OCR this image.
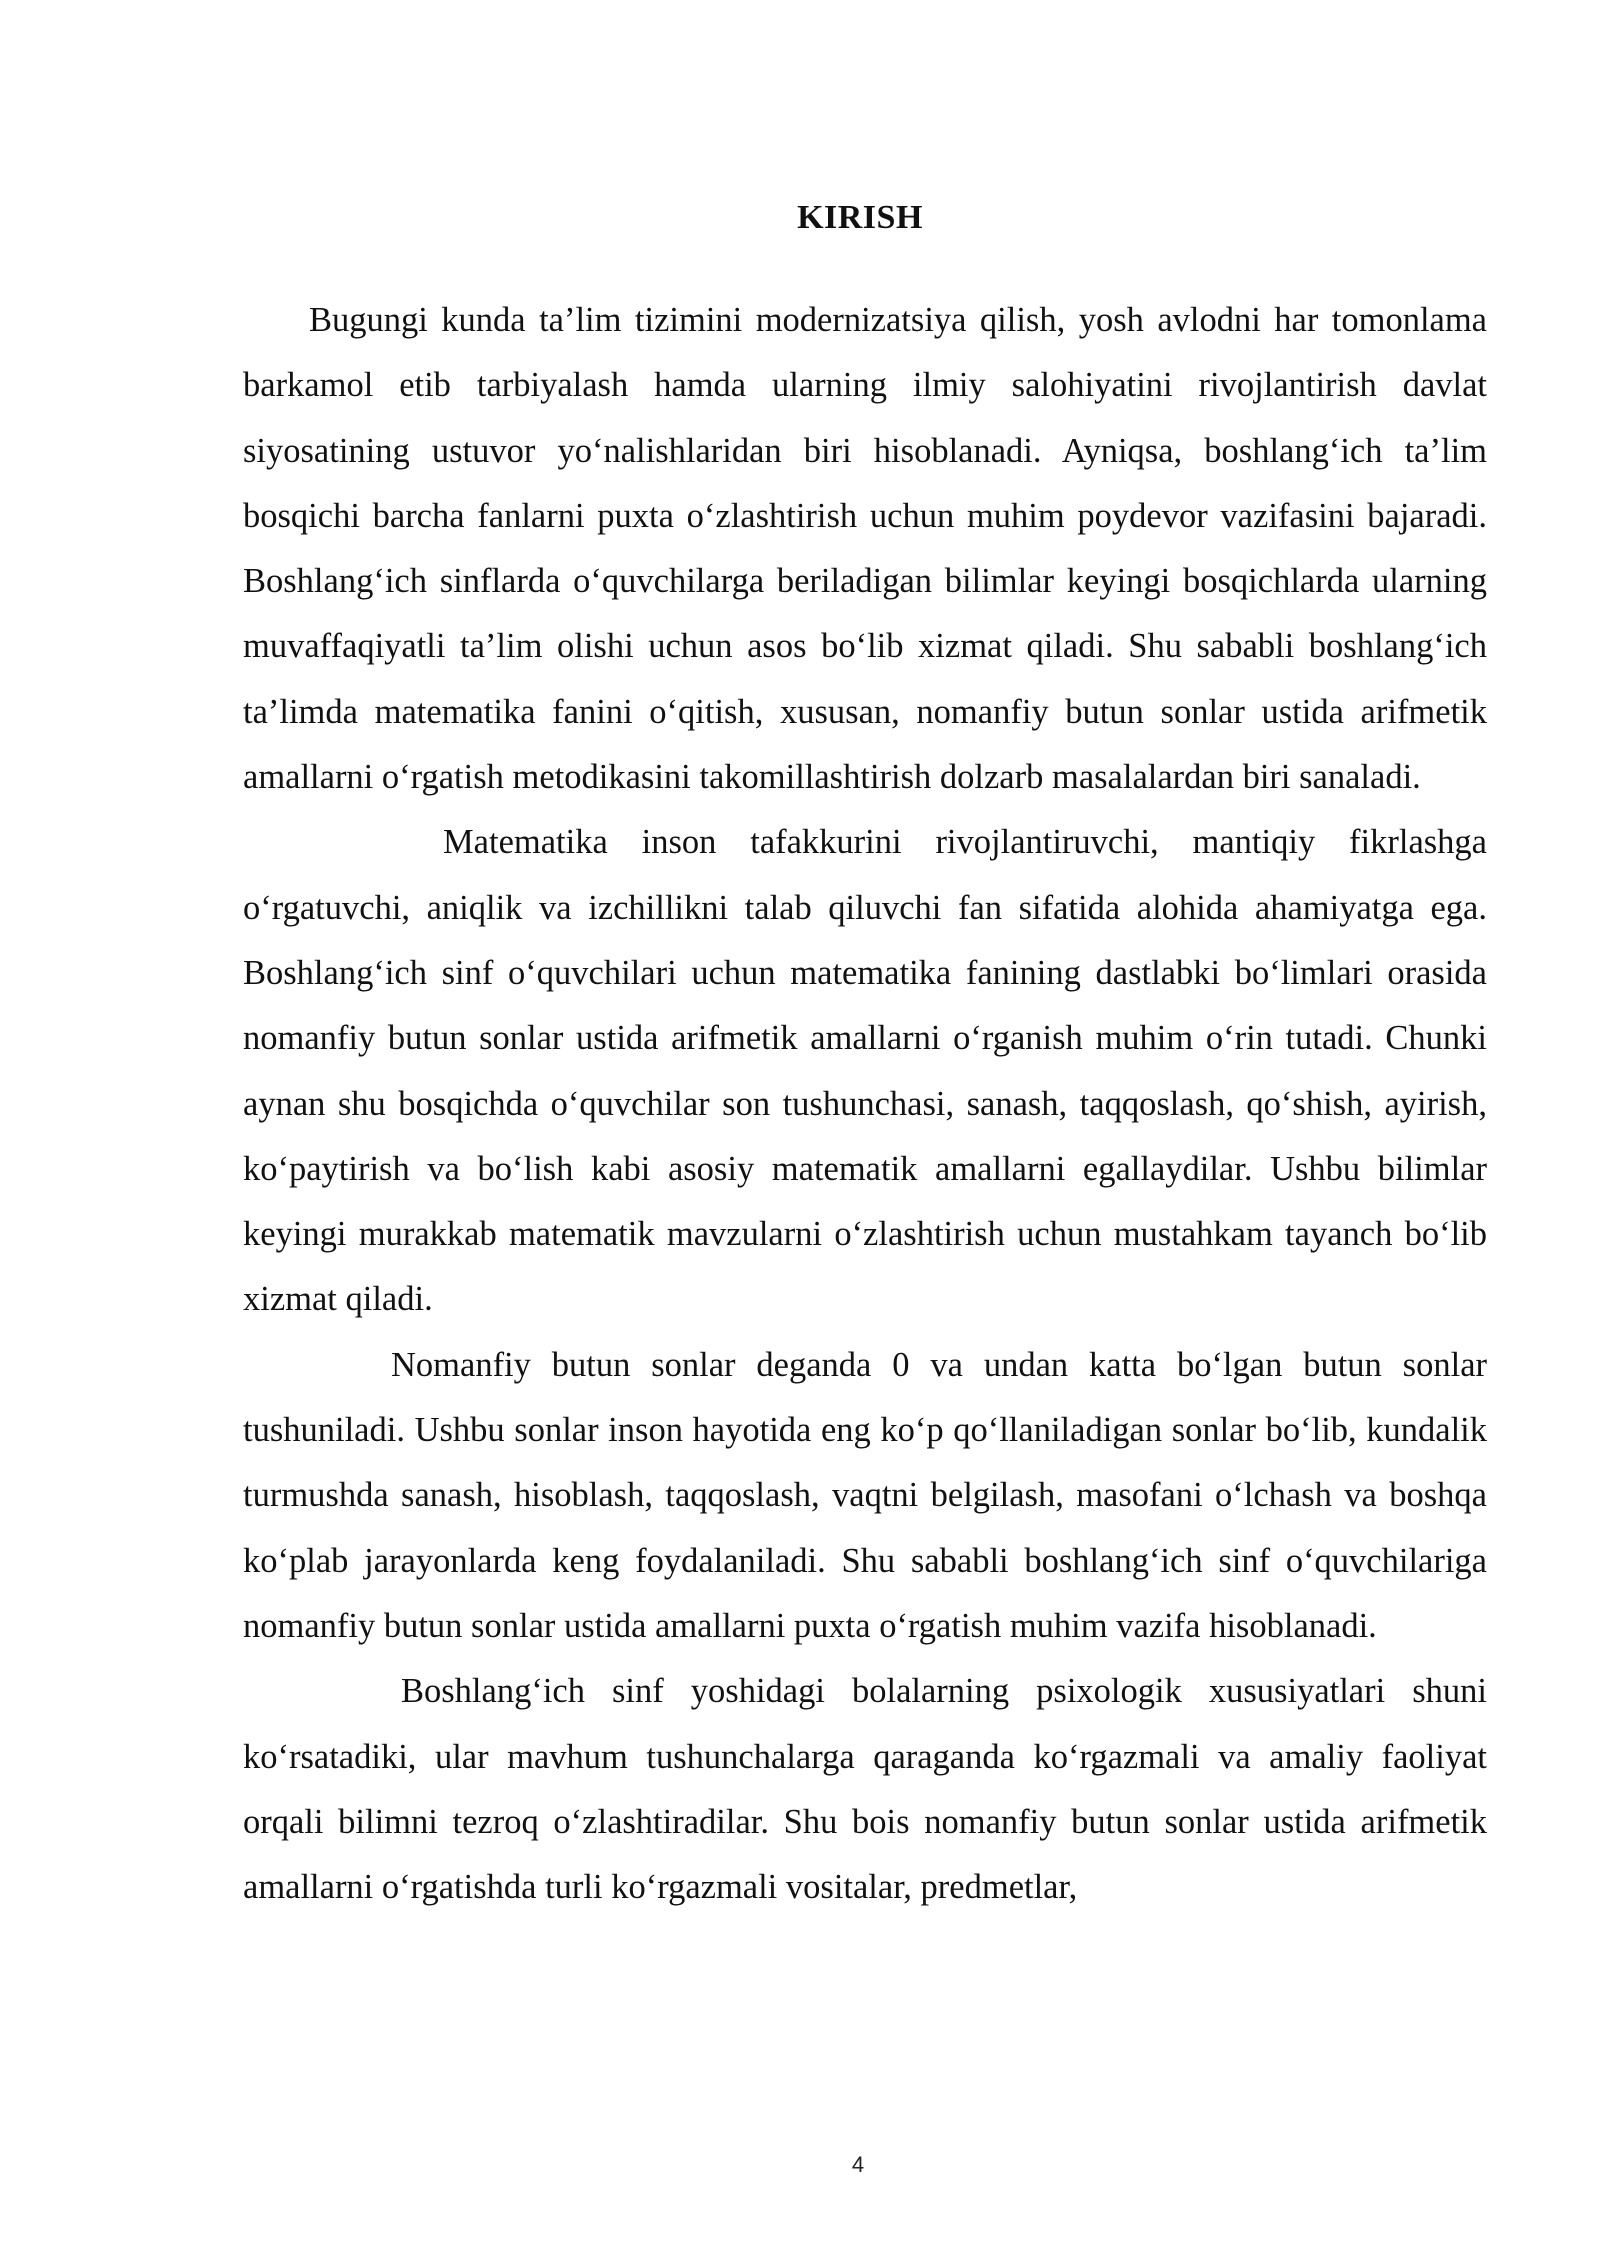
KIRISH

Bugungi kunda ta’lim tizimini modernizatsiya qilish, yosh avlodni har tomonlama barkamol etib tarbiyalash hamda ularning ilmiy salohiyatini rivojlantirish davlat siyosatining ustuvor yo‘nalishlaridan biri hisoblanadi. Ayniqsa, boshlang‘ich ta’lim bosqichi barcha fanlarni puxta o‘zlashtirish uchun muhim poydevor vazifasini bajaradi. Boshlang‘ich sinflarda o‘quvchilarga beriladigan bilimlar keyingi bosqichlarda ularning muvaffaqiyatli ta’lim olishi uchun asos bo‘lib xizmat qiladi. Shu sababli boshlang‘ich ta’limda matematika fanini o‘qitish, xususan, nomanfiy butun sonlar ustida arifmetik amallarni o‘rgatish metodikasini takomillashtirish dolzarb masalalardan biri sanaladi.

Matematika inson tafakkurini rivojlantiruvchi, mantiqiy fikrlashga o‘rgatuvchi, aniqlik va izchillikni talab qiluvchi fan sifatida alohida ahamiyatga ega. Boshlang‘ich sinf o‘quvchilari uchun matematika fanining dastlabki bo‘limlari orasida nomanfiy butun sonlar ustida arifmetik amallarni o‘rganish muhim o‘rin tutadi. Chunki aynan shu bosqichda o‘quvchilar son tushunchasi, sanash, taqqoslash, qo‘shish, ayirish, ko‘paytirish va bo‘lish kabi asosiy matematik amallarni egallaydilar. Ushbu bilimlar keyingi murakkab matematik mavzularni o‘zlashtirish uchun mustahkam tayanch bo‘lib xizmat qiladi.

Nomanfiy butun sonlar deganda 0 va undan katta bo‘lgan butun sonlar tushuniladi. Ushbu sonlar inson hayotida eng ko‘p qo‘llaniladigan sonlar bo‘lib, kundalik turmushda sanash, hisoblash, taqqoslash, vaqtni belgilash, masofani o‘lchash va boshqa ko‘plab jarayonlarda keng foydalaniladi. Shu sababli boshlang‘ich sinf o‘quvchilariga nomanfiy butun sonlar ustida amallarni puxta o‘rgatish muhim vazifa hisoblanadi.

Boshlang‘ich sinf yoshidagi bolalarning psixologik xususiyatlari shuni ko‘rsatadiki, ular mavhum tushunchalarga qaraganda ko‘rgazmali va amaliy faoliyat orqali bilimni tezroq o‘zlashtiradilar. Shu bois nomanfiy butun sonlar ustida arifmetik amallarni o‘rgatishda turli ko‘rgazmali vositalar, predmetlar,

4
